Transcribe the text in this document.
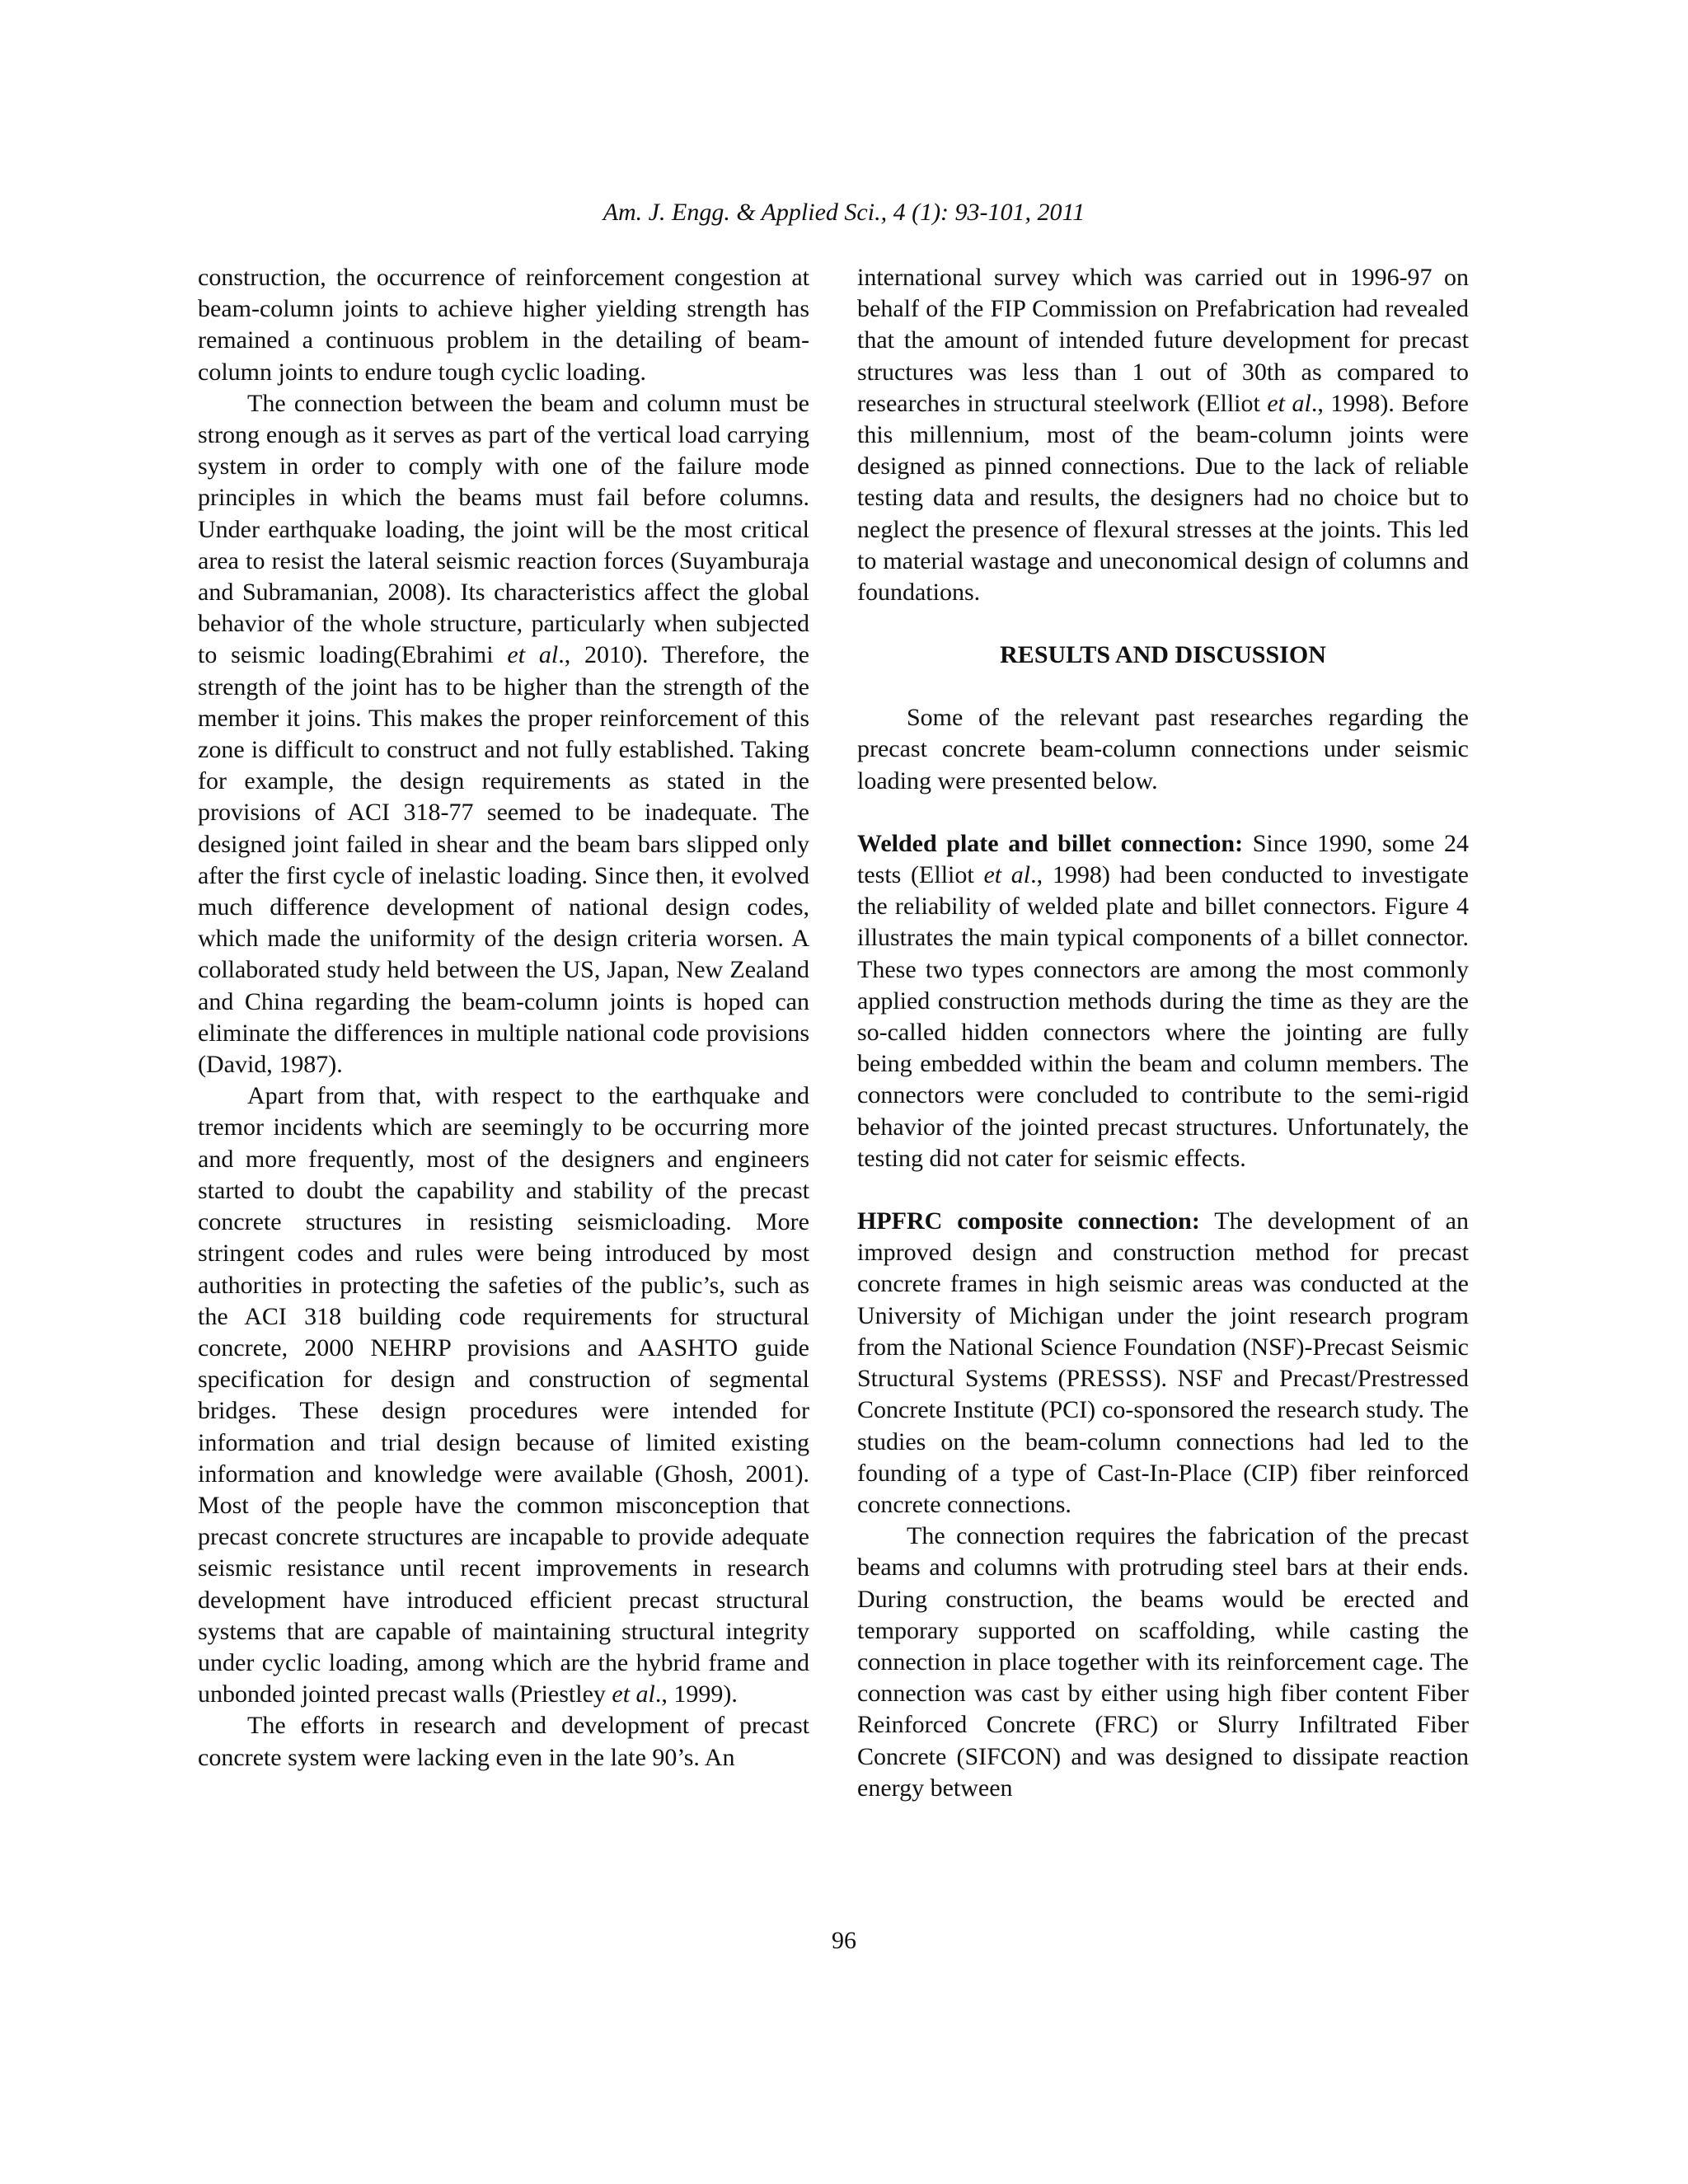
Am. J. Engg. & Applied Sci., 4 (1): 93-101, 2011

construction, the occurrence of reinforcement congestion at beam-column joints to achieve higher yielding strength has remained a continuous problem in the detailing of beam-column joints to endure tough cyclic loading.

The connection between the beam and column must be strong enough as it serves as part of the vertical load carrying system in order to comply with one of the failure mode principles in which the beams must fail before columns. Under earthquake loading, the joint will be the most critical area to resist the lateral seismic reaction forces (Suyamburaja and Subramanian, 2008). Its characteristics affect the global behavior of the whole structure, particularly when subjected to seismic loading(Ebrahimi et al., 2010). Therefore, the strength of the joint has to be higher than the strength of the member it joins. This makes the proper reinforcement of this zone is difficult to construct and not fully established. Taking for example, the design requirements as stated in the provisions of ACI 318-77 seemed to be inadequate. The designed joint failed in shear and the beam bars slipped only after the first cycle of inelastic loading. Since then, it evolved much difference development of national design codes, which made the uniformity of the design criteria worsen. A collaborated study held between the US, Japan, New Zealand and China regarding the beam-column joints is hoped can eliminate the differences in multiple national code provisions (David, 1987).

Apart from that, with respect to the earthquake and tremor incidents which are seemingly to be occurring more and more frequently, most of the designers and engineers started to doubt the capability and stability of the precast concrete structures in resisting seismicloading. More stringent codes and rules were being introduced by most authorities in protecting the safeties of the public’s, such as the ACI 318 building code requirements for structural concrete, 2000 NEHRP provisions and AASHTO guide specification for design and construction of segmental bridges. These design procedures were intended for information and trial design because of limited existing information and knowledge were available (Ghosh, 2001). Most of the people have the common misconception that precast concrete structures are incapable to provide adequate seismic resistance until recent improvements in research development have introduced efficient precast structural systems that are capable of maintaining structural integrity under cyclic loading, among which are the hybrid frame and unbonded jointed precast walls (Priestley et al., 1999).

The efforts in research and development of precast concrete system were lacking even in the late 90’s. An

international survey which was carried out in 1996-97 on behalf of the FIP Commission on Prefabrication had revealed that the amount of intended future development for precast structures was less than 1 out of 30th as compared to researches in structural steelwork (Elliot et al., 1998). Before this millennium, most of the beam-column joints were designed as pinned connections. Due to the lack of reliable testing data and results, the designers had no choice but to neglect the presence of flexural stresses at the joints. This led to material wastage and uneconomical design of columns and foundations.

RESULTS AND DISCUSSION

Some of the relevant past researches regarding the precast concrete beam-column connections under seismic loading were presented below.

Welded plate and billet connection: Since 1990, some 24 tests (Elliot et al., 1998) had been conducted to investigate the reliability of welded plate and billet connectors. Figure 4 illustrates the main typical components of a billet connector. These two types connectors are among the most commonly applied construction methods during the time as they are the so-called hidden connectors where the jointing are fully being embedded within the beam and column members. The connectors were concluded to contribute to the semi-rigid behavior of the jointed precast structures. Unfortunately, the testing did not cater for seismic effects.

HPFRC composite connection: The development of an improved design and construction method for precast concrete frames in high seismic areas was conducted at the University of Michigan under the joint research program from the National Science Foundation (NSF)-Precast Seismic Structural Systems (PRESSS). NSF and Precast/Prestressed Concrete Institute (PCI) co-sponsored the research study. The studies on the beam-column connections had led to the founding of a type of Cast-In-Place (CIP) fiber reinforced concrete connections.

The connection requires the fabrication of the precast beams and columns with protruding steel bars at their ends. During construction, the beams would be erected and temporary supported on scaffolding, while casting the connection in place together with its reinforcement cage. The connection was cast by either using high fiber content Fiber Reinforced Concrete (FRC) or Slurry Infiltrated Fiber Concrete (SIFCON) and was designed to dissipate reaction energy between

96
